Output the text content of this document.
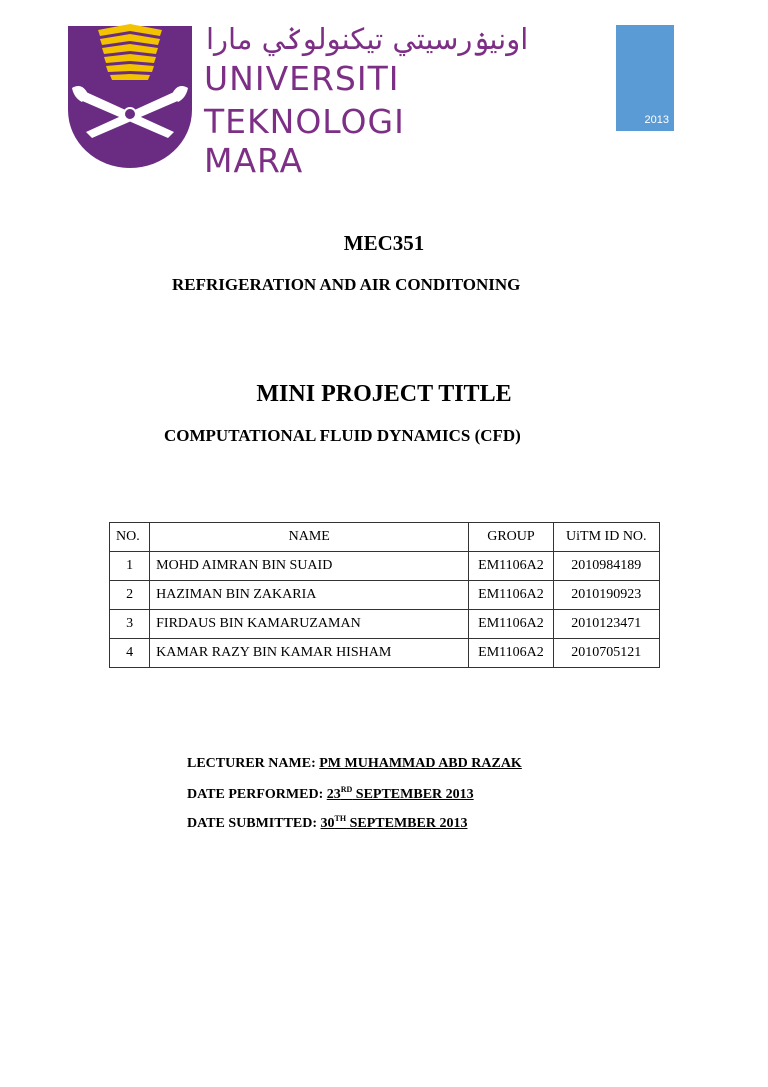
اونيۏرسيتي تيكنولوݢي مارا
UNIVERSITI
TEKNOLOGI
MARA
2013
MEC351
REFRIGERATION AND AIR CONDITONING
MINI PROJECT TITLE
COMPUTATIONAL FLUID DYNAMICS (CFD)
NO.	NAME	GROUP	UiTM ID NO.
1	MOHD AIMRAN BIN SUAID	EM1106A2	2010984189
2	HAZIMAN BIN ZAKARIA	EM1106A2	2010190923
3	FIRDAUS BIN KAMARUZAMAN	EM1106A2	2010123471
4	KAMAR RAZY BIN KAMAR HISHAM	EM1106A2	2010705121
LECTURER NAME: PM MUHAMMAD ABD RAZAK
DATE PERFORMED: 23RD SEPTEMBER 2013
DATE SUBMITTED: 30TH SEPTEMBER 2013
